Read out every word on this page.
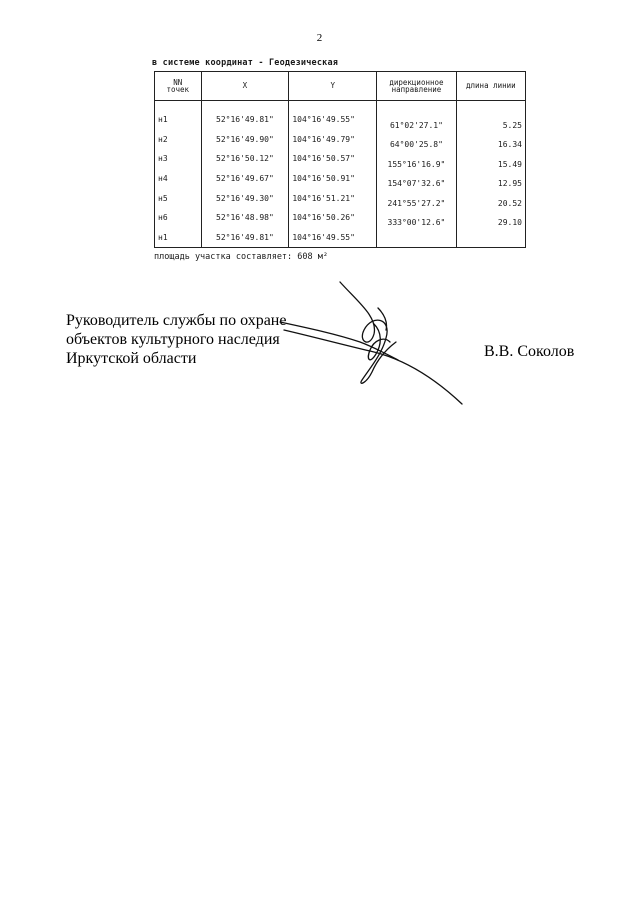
2
в системе координат - Геодезическая
NN
точек	X	Y	дирекционное направление	длина линии

н1	52°16'49.81"	104°16'49.55"	61°02'27.1"	5.25
н2	52°16'49.90"	104°16'49.79"	64°00'25.8"	16.34
н3	52°16'50.12"	104°16'50.57"	155°16'16.9"	15.49
н4	52°16'49.67"	104°16'50.91"	154°07'32.6"	12.95
н5	52°16'49.30"	104°16'51.21"	241°55'27.2"	20.52
н6	52°16'48.98"	104°16'50.26"	333°00'12.6"	29.10
н1	52°16'49.81"	104°16'49.55"		
площадь участка составляет: 608 м²
Руководитель службы по охране
объектов культурного наследия
Иркутской области	В.В. Соколов
